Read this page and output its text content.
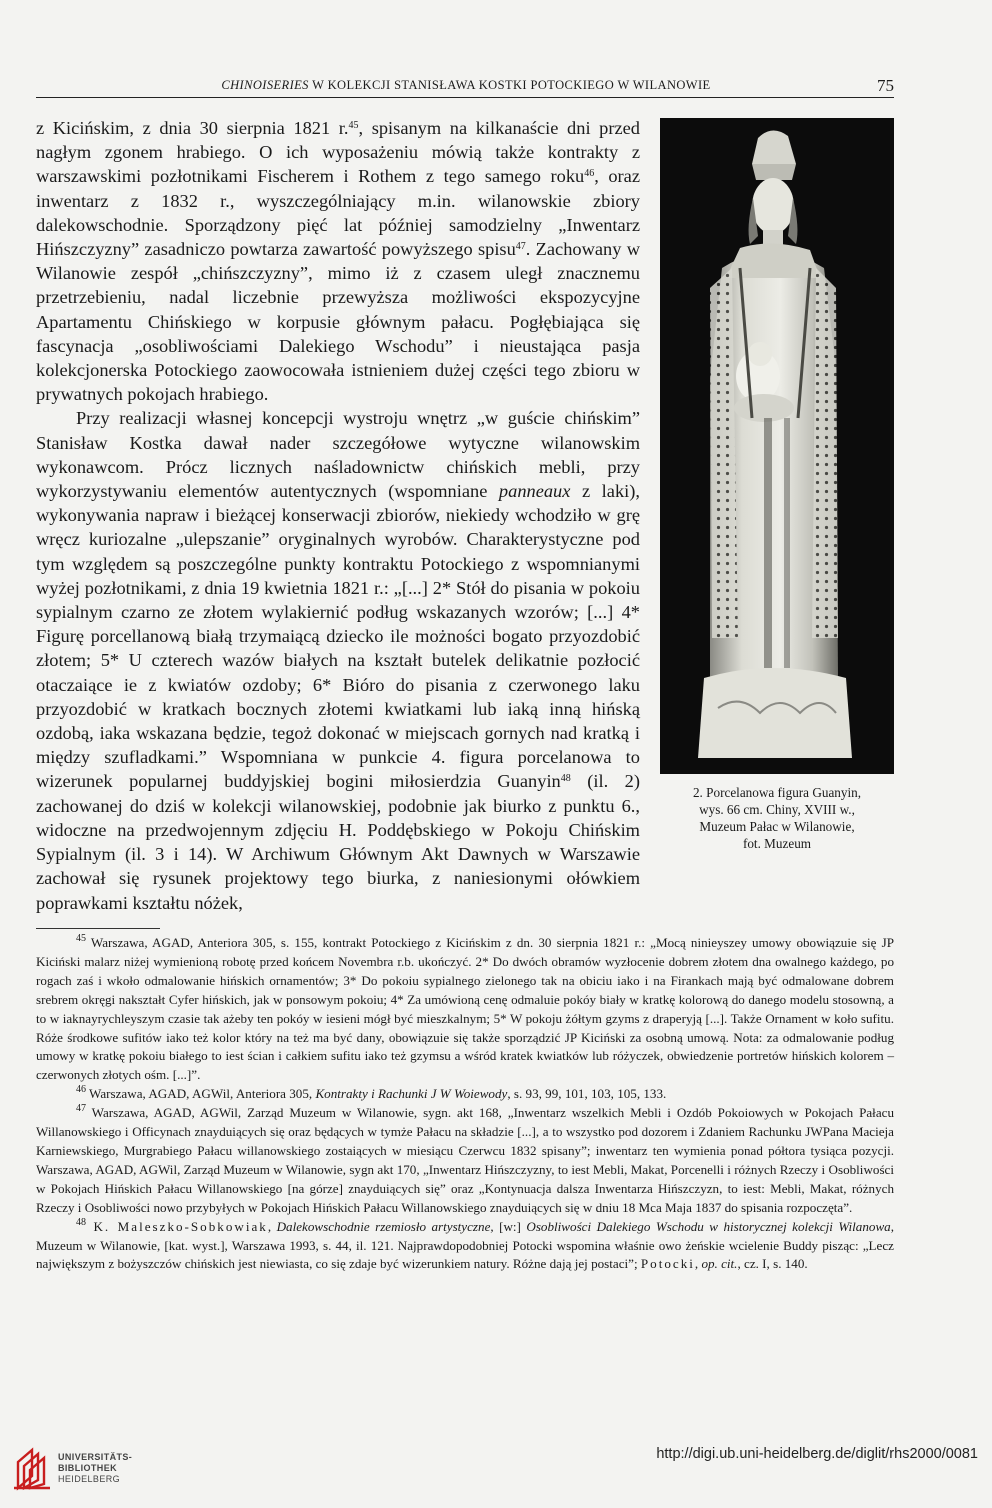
CHINOISERIES W KOLEKCJI STANISŁAWA KOSTKI POTOCKIEGO W WILANOWIE	75

z Kicińskim, z dnia 30 sierpnia 1821 r.$^{45}$, spisanym na kilkanaście dni przed nagłym zgonem hrabiego. O ich wyposażeniu mówią także kontrakty z warszawskimi pozłotnikami Fischerem i Rothem z tego samego roku$^{46}$, oraz inwentarz z 1832 r., wyszczególniający m.in. wilanowskie zbiory dalekowschodnie. Sporządzony pięć lat później samodzielny „Inwentarz Hińszczyzny” zasadniczo powtarza zawartość powyższego spisu$^{47}$. Zachowany w Wilanowie zespół „chińszczyzny”, mimo iż z czasem uległ znacznemu przetrzebieniu, nadal liczebnie przewyższa możliwości ekspozycyjne Apartamentu Chińskiego w korpusie głównym pałacu. Pogłębiająca się fascynacja „osobliwościami Dalekiego Wschodu” i nieustająca pasja kolekcjonerska Potockiego zaowocowała istnieniem dużej części tego zbioru w prywatnych pokojach hrabiego.

Przy realizacji własnej koncepcji wystroju wnętrz „w guście chińskim” Stanisław Kostka dawał nader szczegółowe wytyczne wilanowskim wykonawcom. Prócz licznych naśladownictw chińskich mebli, przy wykorzystywaniu elementów autentycznych (wspomniane panneaux z laki), wykonywania napraw i bieżącej konserwacji zbiorów, niekiedy wchodziło w grę wręcz kuriozalne „ulepszanie” oryginalnych wyrobów. Charakterystyczne pod tym względem są poszczególne punkty kontraktu Potockiego z wspomnianymi wyżej pozłotnikami, z dnia 19 kwietnia 1821 r.: „[...] 2* Stół do pisania w pokoiu sypialnym czarno ze złotem wylakiernić podług wskazanych wzorów; [...] 4* Figurę porcellanową białą trzymaiącą dziecko ile możności bogato przyozdobić złotem; 5* U czterech wazów białych na kształt butelek delikatnie pozłocić otaczaiące ie z kwiatów ozdoby; 6* Bióro do pisania z czerwonego laku przyozdobić w kratkach bocznych złotemi kwiatkami lub iaką inną hińską ozdobą, iaka wskazana będzie, tegoż dokonać w miejscach gornych nad kratką i między szufladkami.” Wspomniana w punkcie 4. figura porcelanowa to wizerunek popularnej buddyjskiej bogini miłosierdzia Guanyin$^{48}$ (il. 2) zachowanej do dziś w kolekcji wilanowskiej, podobnie jak biurko z punktu 6., widoczne na przedwojennym zdjęciu H. Poddębskiego w Pokoju Chińskim Sypialnym (il. 3 i 14). W Archiwum Głównym Akt Dawnych w Warszawie zachował się rysunek projektowy tego biurka, z naniesionymi ołówkiem poprawkami kształtu nóżek,

2. Porcelanowa figura Guanyin,
wys. 66 cm. Chiny, XVIII w.,
Muzeum Pałac w Wilanowie,
fot. Muzeum

$^{45}$ Warszawa, AGAD, Anteriora 305, s. 155, kontrakt Potockiego z Kicińskim z dn. 30 sierpnia 1821 r.: „Mocą ninieyszey umowy obowiązuie się JP Kiciński malarz niżej wymienioną robotę przed końcem Novembra r.b. ukończyć. 2* Do dwóch obramów wyzłocenie dobrem złotem dna owalnego każdego, po rogach zaś i wkoło odmalowanie hińskich ornamentów; 3* Do pokoiu sypialnego zielonego tak na obiciu iako i na Firankach mają być odmalowane dobrem srebrem okręgi nakształt Cyfer hińskich, jak w ponsowym pokoiu; 4* Za umówioną cenę odmaluie pokóy biały w kratkę kolorową do danego modelu stosowną, a to w iaknayrychleyszym czasie tak ażeby ten pokóy w iesieni mógł być mieszkalnym; 5* W pokoju żółtym gzyms z draperyją [...]. Także Ornament w koło sufitu. Róże środkowe sufitów iako też kolor który na też ma być dany, obowiązuie się także sporządzić JP Kiciński za osobną umową. Nota: za odmalowanie podług umowy w kratkę pokoiu białego to iest ścian i całkiem sufitu iako też gzymsu a wśród kratek kwiatków lub różyczek, obwiedzenie portretów hińskich kolorem – czerwonych złotych ośm. [...]”.

$^{46}$ Warszawa, AGAD, AGWil, Anteriora 305, Kontrakty i Rachunki J W Woiewody, s. 93, 99, 101, 103, 105, 133.

$^{47}$ Warszawa, AGAD, AGWil, Zarząd Muzeum w Wilanowie, sygn. akt 168, „Inwentarz wszelkich Mebli i Ozdób Pokoiowych w Pokojach Pałacu Willanowskiego i Officynach znayduiących się oraz będących w tymże Pałacu na składzie [...], a to wszystko pod dozorem i Zdaniem Rachunku JWPana Macieja Karniewskiego, Murgrabiego Pałacu willanowskiego zostaiących w miesiącu Czerwcu 1832 spisany”; inwentarz ten wymienia ponad półtora tysiąca pozycji. Warszawa, AGAD, AGWil, Zarząd Muzeum w Wilanowie, sygn akt 170, „Inwentarz Hińszczyzny, to iest Mebli, Makat, Porcenelli i różnych Rzeczy i Osobliwości w Pokojach Hińskich Pałacu Willanowskiego [na górze] znayduiących się” oraz „Kontynuacja dalsza Inwentarza Hińszczyzn, to iest: Mebli, Makat, różnych Rzeczy i Osobliwości nowo przybyłych w Pokojach Hińskich Pałacu Willanowskiego znayduiących się w dniu 18 Mca Maja 1837 do spisania rozpoczęta”.

$^{48}$ K. Maleszko-Sobkowiak, Dalekowschodnie rzemiosło artystyczne, [w:] Osobliwości Dalekiego Wschodu w historycznej kolekcji Wilanowa, Muzeum w Wilanowie, [kat. wyst.], Warszawa 1993, s. 44, il. 121. Najprawdopodobniej Potocki wspomina właśnie owo żeńskie wcielenie Buddy pisząc: „Lecz największym z bożyszczów chińskich jest niewiasta, co się zdaje być wizerunkiem natury. Różne dają jej postaci”; Potocki, op. cit., cz. I, s. 140.

UNIVERSITÄTS-
BIBLIOTHEK
HEIDELBERG
http://digi.ub.uni-heidelberg.de/diglit/rhs2000/0081
